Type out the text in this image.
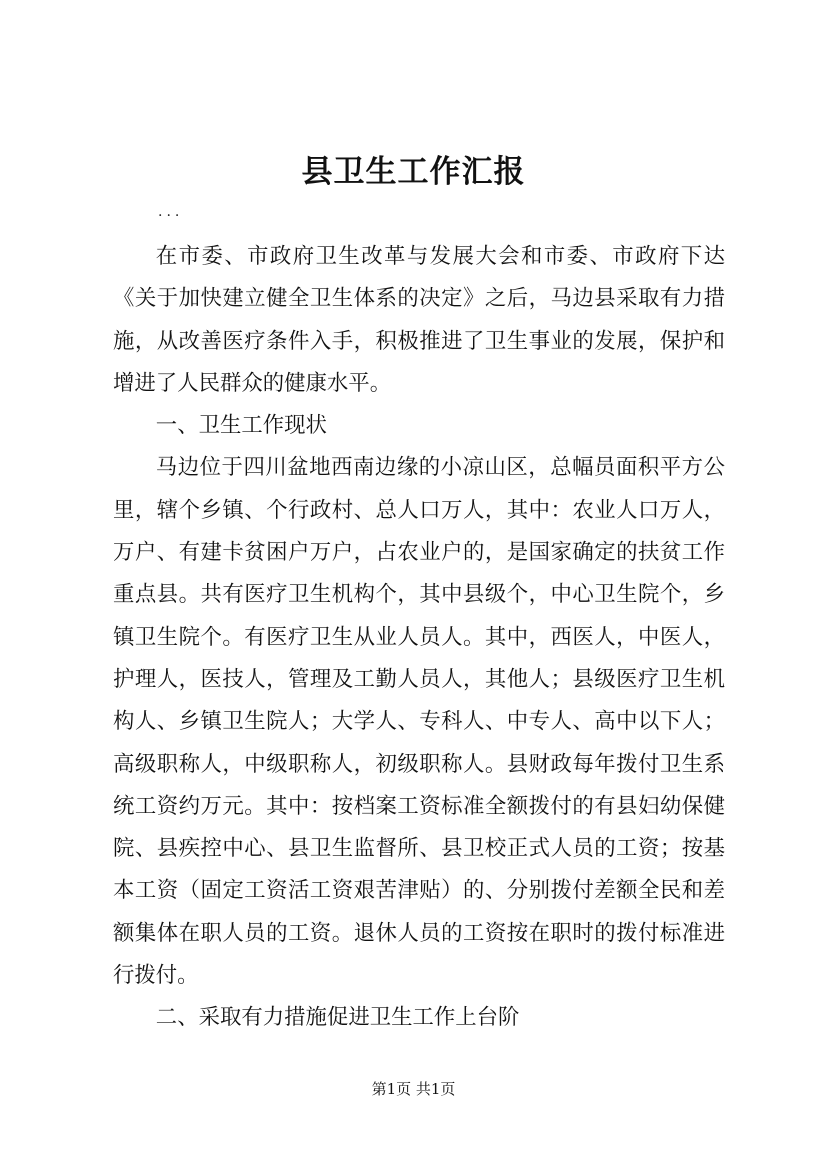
县卫生工作汇报
...

在市委、市政府卫生改革与发展大会和市委、市政府下达《关于加快建立健全卫生体系的决定》之后，马边县采取有力措施，从改善医疗条件入手，积极推进了卫生事业的发展，保护和增进了人民群众的健康水平。

一、卫生工作现状

马边位于四川盆地西南边缘的小凉山区，总幅员面积平方公里，辖个乡镇、个行政村、总人口万人，其中：农业人口万人，万户、有建卡贫困户万户，占农业户的，是国家确定的扶贫工作重点县。共有医疗卫生机构个，其中县级个，中心卫生院个，乡镇卫生院个。有医疗卫生从业人员人。其中，西医人，中医人，护理人，医技人，管理及工勤人员人，其他人；县级医疗卫生机构人、乡镇卫生院人；大学人、专科人、中专人、高中以下人；高级职称人，中级职称人，初级职称人。县财政每年拨付卫生系统工资约万元。其中：按档案工资标准全额拨付的有县妇幼保健院、县疾控中心、县卫生监督所、县卫校正式人员的工资；按基本工资（固定工资活工资艰苦津贴）的、分别拨付差额全民和差额集体在职人员的工资。退休人员的工资按在职时的拨付标准进行拨付。

二、采取有力措施促进卫生工作上台阶

第1页 共1页
